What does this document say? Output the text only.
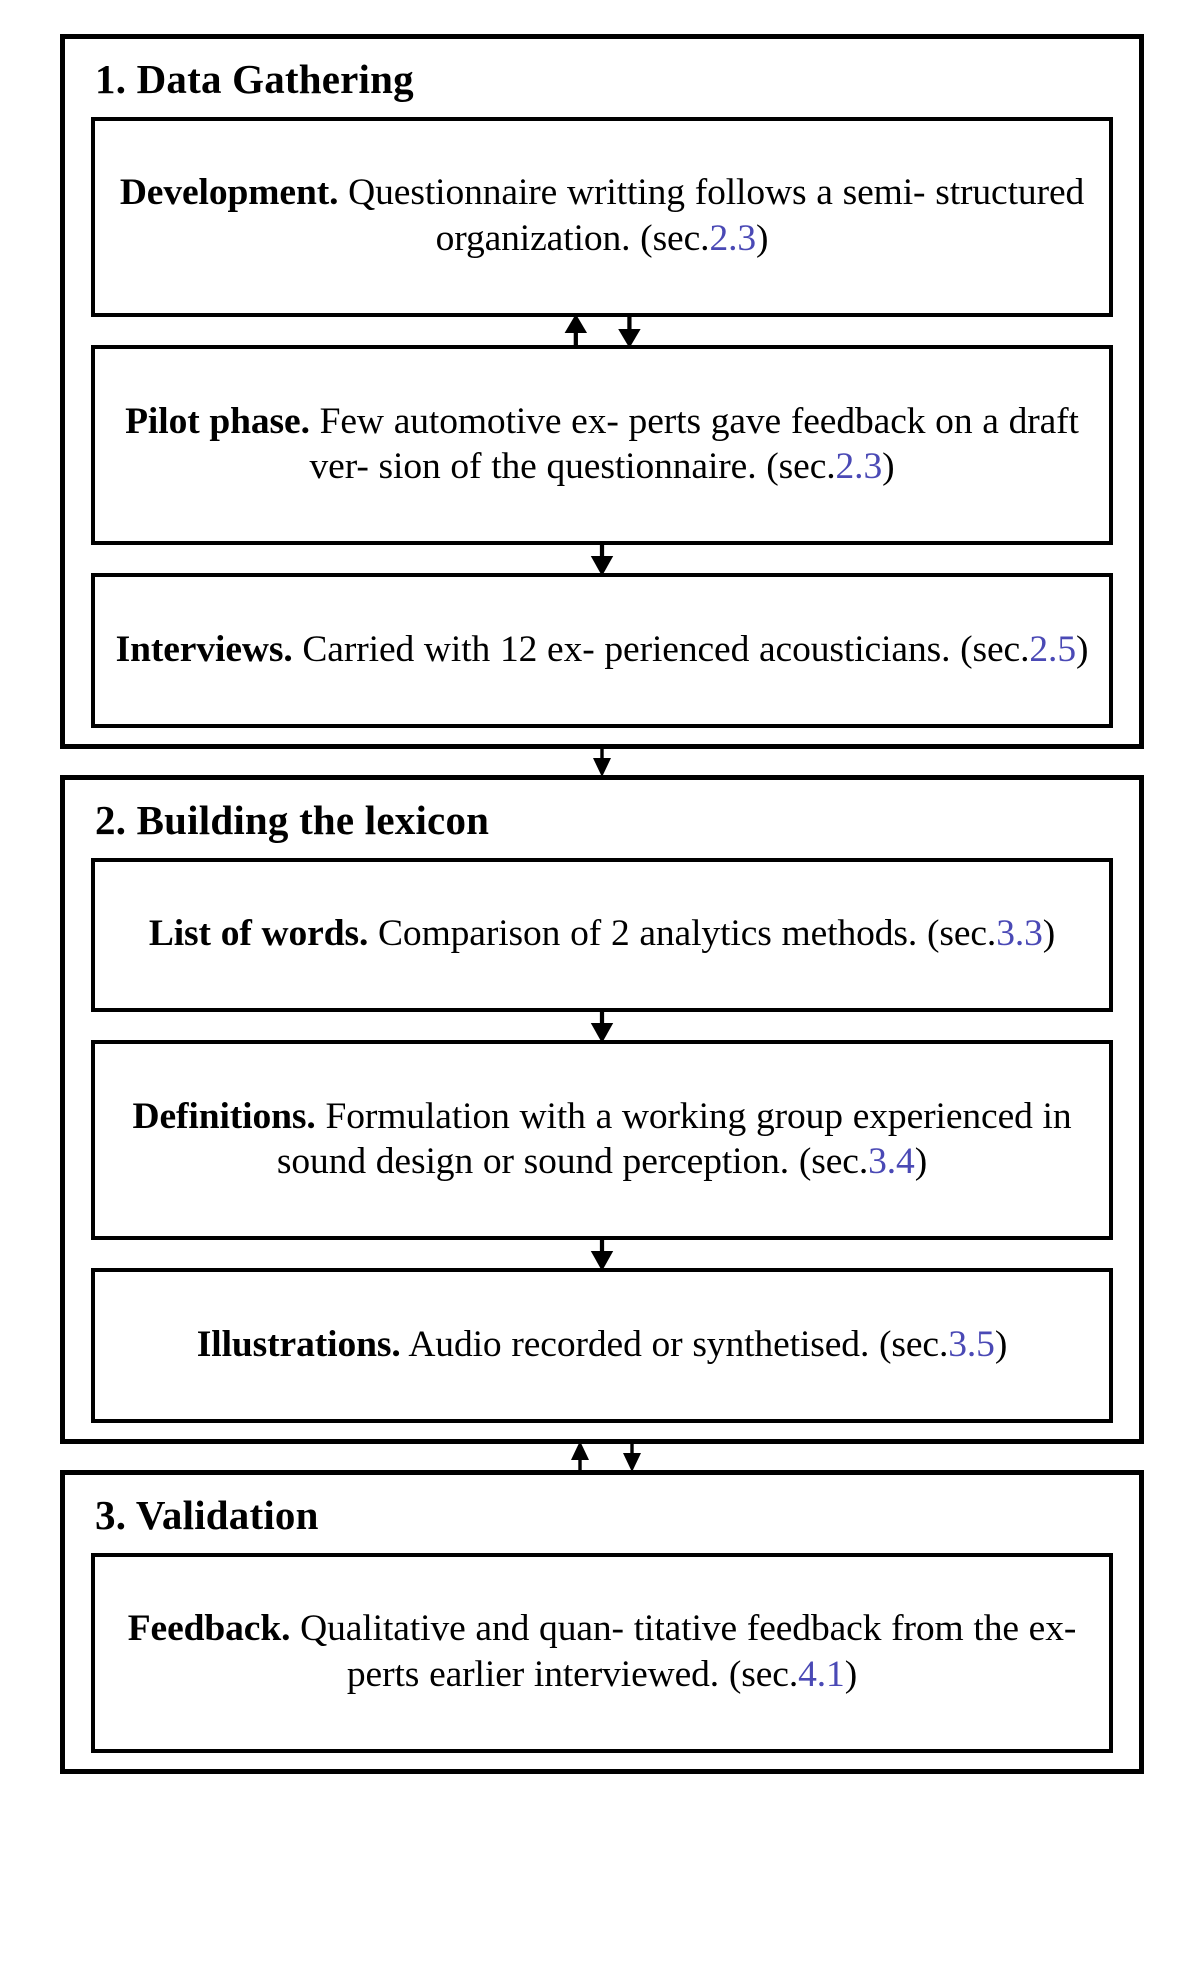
1. Data Gathering

Development. Questionnaire writting follows a semi- structured organization. (sec.2.3)

Pilot phase. Few automotive ex- perts gave feedback on a draft ver- sion of the questionnaire. (sec.2.3)

Interviews. Carried with 12 ex- perienced acousticians. (sec.2.5)

2. Building the lexicon

List of words. Comparison of 2 analytics methods. (sec.3.3)

Definitions. Formulation with a working group experienced in sound design or sound perception. (sec.3.4)

Illustrations. Audio recorded or synthetised. (sec.3.5)

3. Validation

Feedback. Qualitative and quan- titative feedback from the ex- perts earlier interviewed. (sec.4.1)
